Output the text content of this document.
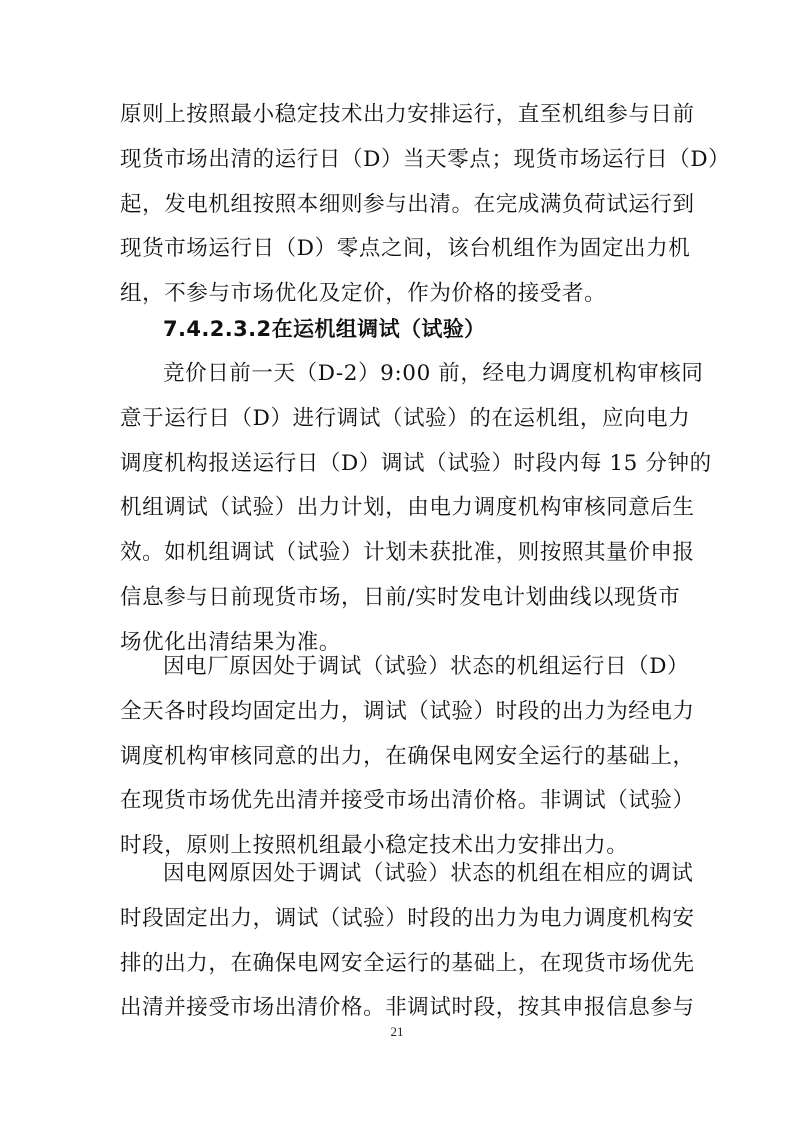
原则上按照最小稳定技术出力安排运行，直至机组参与日前
现货市场出清的运行日（D）当天零点；现货市场运行日（D）
起，发电机组按照本细则参与出清。在完成满负荷试运行到
现货市场运行日（D）零点之间，该台机组作为固定出力机
组，不参与市场优化及定价，作为价格的接受者。
7.4.2.3.2在运机组调试（试验）
竞价日前一天（D-2）9:00 前，经电力调度机构审核同
意于运行日（D）进行调试（试验）的在运机组，应向电力
调度机构报送运行日（D）调试（试验）时段内每 15 分钟的
机组调试（试验）出力计划，由电力调度机构审核同意后生
效。如机组调试（试验）计划未获批准，则按照其量价申报
信息参与日前现货市场，日前/实时发电计划曲线以现货市
场优化出清结果为准。
因电厂原因处于调试（试验）状态的机组运行日（D）
全天各时段均固定出力，调试（试验）时段的出力为经电力
调度机构审核同意的出力，在确保电网安全运行的基础上，
在现货市场优先出清并接受市场出清价格。非调试（试验）
时段，原则上按照机组最小稳定技术出力安排出力。
因电网原因处于调试（试验）状态的机组在相应的调试
时段固定出力，调试（试验）时段的出力为电力调度机构安
排的出力，在确保电网安全运行的基础上，在现货市场优先
出清并接受市场出清价格。非调试时段，按其申报信息参与
21
